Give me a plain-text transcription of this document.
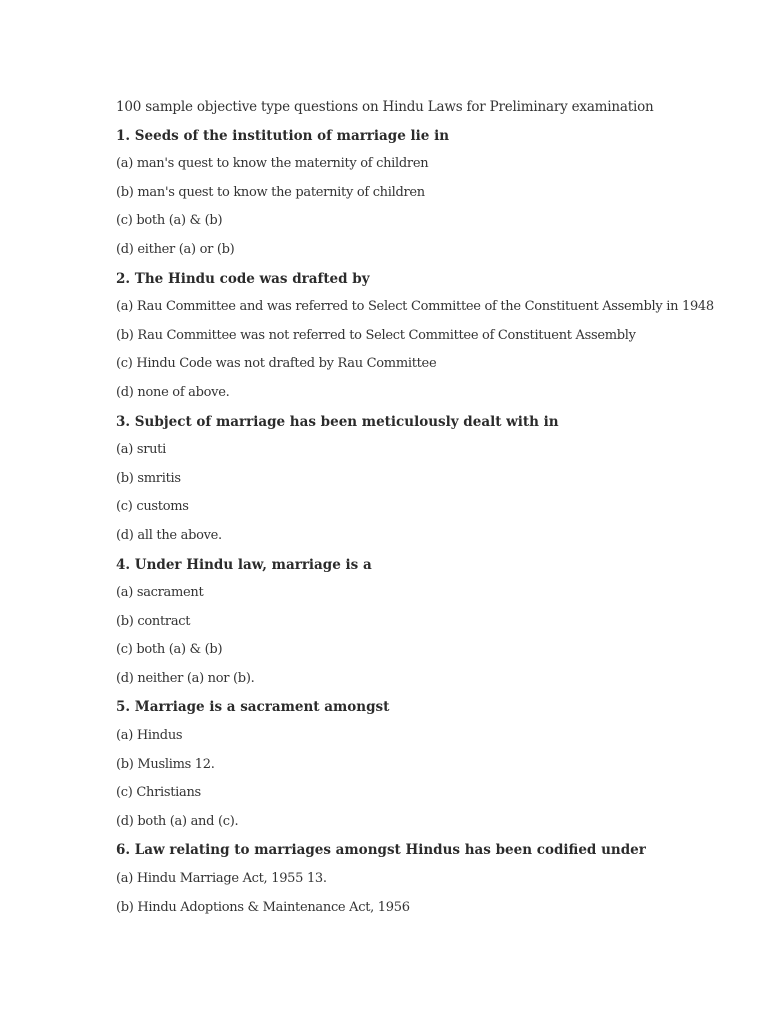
100 sample objective type questions on Hindu Laws for Preliminary examination
1. Seeds of the institution of marriage lie in
(a) man's quest to know the maternity of children
(b) man's quest to know the paternity of children
(c) both (a) & (b)
(d) either (a) or (b)
2. The Hindu code was drafted by
(a) Rau Committee and was referred to Select Committee of the Constituent Assembly in 1948
(b) Rau Committee was not referred to Select Committee of Constituent Assembly
(c) Hindu Code was not drafted by Rau Committee
(d) none of above.
3. Subject of marriage has been meticulously dealt with in
(a) sruti
(b) smritis
(c) customs
(d) all the above.
4. Under Hindu law, marriage is a
(a) sacrament
(b) contract
(c) both (a) & (b)
(d) neither (a) nor (b).
5. Marriage is a sacrament amongst
(a) Hindus
(b) Muslims 12.
(c) Christians
(d) both (a) and (c).
6. Law relating to marriages amongst Hindus has been codified under
(a) Hindu Marriage Act, 1955 13.
(b) Hindu Adoptions & Maintenance Act, 1956
